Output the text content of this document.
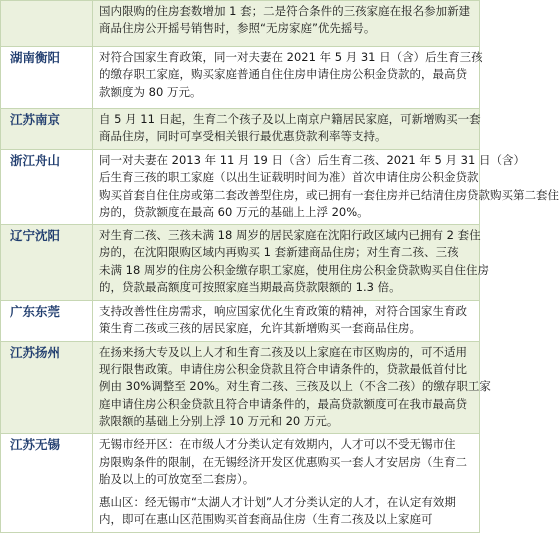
	国内限购的住房套数增加 1 套；二是符合条件的三孩家庭在报名参加新建
商品住房公开摇号销售时，参照“无房家庭”优先摇号。

湖南衡阳	对符合国家生育政策，同一对夫妻在 2021 年 5 月 31 日（含）后生育三孩
的缴存职工家庭，购买家庭普通自住住房申请住房公积金贷款的，最高贷
款额度为 80 万元。

江苏南京	自 5 月 11 日起，生育二个孩子及以上南京户籍居民家庭，可新增购买一套
商品住房，同时可享受相关银行最优惠贷款利率等支持。

浙江舟山	同一对夫妻在 2013 年 11 月 19 日（含）后生育二孩、2021 年 5 月 31 日（含）
后生育三孩的职工家庭（以出生证载明时间为准）首次申请住房公积金贷款
购买首套自住住房或第二套改善型住房，或已拥有一套住房并已结清住房贷款购买第二套住
房的，贷款额度在最高 60 万元的基础上上浮 20%。

辽宁沈阳	对生育二孩、三孩未满 18 周岁的居民家庭在沈阳行政区域内已拥有 2 套住
房的，在沈阳限购区域内再购买 1 套新建商品住房；对生育二孩、三孩
未满 18 周岁的住房公积金缴存职工家庭，使用住房公积金贷款购买自住住房
的，贷款最高额度可按照家庭当期最高贷款限额的 1.3 倍。

广东东莞	支持改善性住房需求，响应国家优化生育政策的精神，对符合国家生育政
策生育二孩或三孩的居民家庭，允许其新增购买一套商品住房。

江苏扬州	在扬来扬大专及以上人才和生育二孩及以上家庭在市区购房的，可不适用
现行限售政策。申请住房公积金贷款且符合申请条件的，贷款最低首付比
例由 30%调整至 20%。对生育二孩、三孩及以上（不含二孩）的缴存职工家
庭申请住房公积金贷款且符合申请条件的，最高贷款额度可在我市最高贷
款限额的基础上分别上浮 10 万元和 20 万元。

江苏无锡	无锡市经开区：在市级人才分类认定有效期内，人才可以不受无锡市住
房限购条件的限制，在无锡经济开发区优惠购买一套人才安居房（生育二
胎及以上的可放宽至二套房）。
惠山区：经无锡市“太湖人才计划”人才分类认定的人才，在认定有效期
内，即可在惠山区范围购买首套商品住房（生育二孩及以上家庭可
